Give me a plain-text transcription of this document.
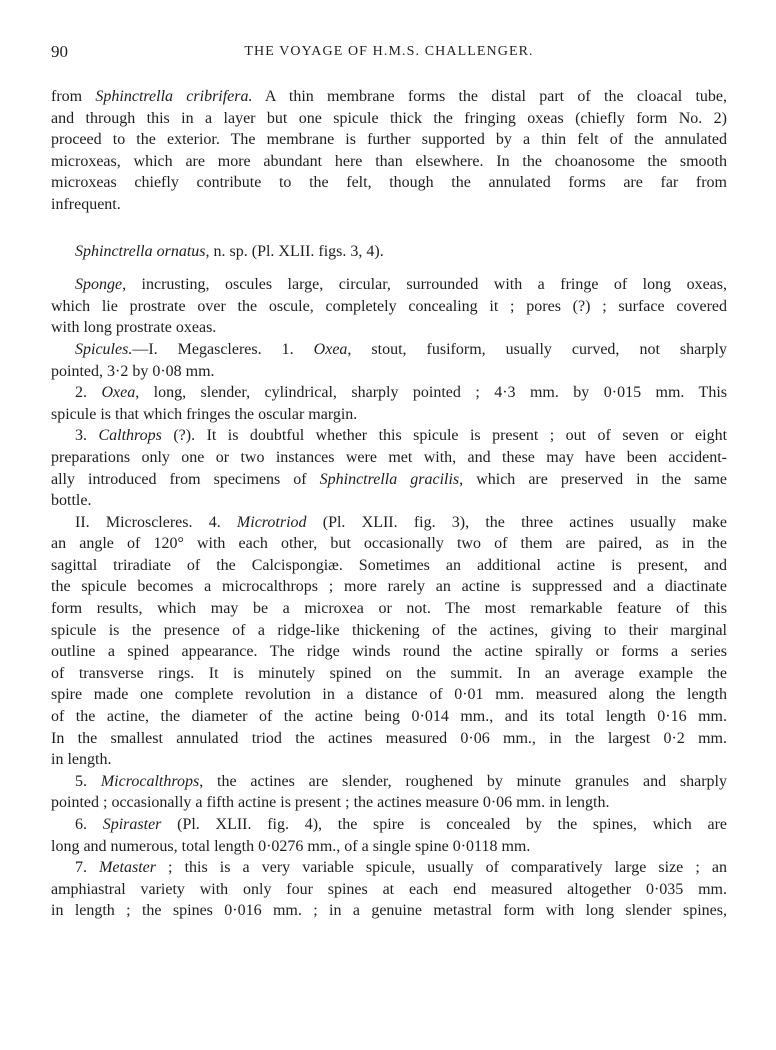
90	THE VOYAGE OF H.M.S. CHALLENGER.
from Sphinctrella cribrifera. A thin membrane forms the distal part of the cloacal tube,
and through this in a layer but one spicule thick the fringing oxeas (chiefly form No. 2)
proceed to the exterior. The membrane is further supported by a thin felt of the annulated
microxeas, which are more abundant here than elsewhere. In the choanosome the smooth
microxeas chiefly contribute to the felt, though the annulated forms are far from
infrequent.
Sphinctrella ornatus, n. sp. (Pl. XLII. figs. 3, 4).
Sponge, incrusting, oscules large, circular, surrounded with a fringe of long oxeas,
which lie prostrate over the oscule, completely concealing it ; pores (?) ; surface covered
with long prostrate oxeas.
Spicules.—I. Megascleres. 1. Oxea, stout, fusiform, usually curved, not sharply
pointed, 3·2 by 0·08 mm.
2. Oxea, long, slender, cylindrical, sharply pointed ; 4·3 mm. by 0·015 mm. This
spicule is that which fringes the oscular margin.
3. Calthrops (?). It is doubtful whether this spicule is present ; out of seven or eight
preparations only one or two instances were met with, and these may have been accident-
ally introduced from specimens of Sphinctrella gracilis, which are preserved in the same
bottle.
II. Microscleres. 4. Microtriod (Pl. XLII. fig. 3), the three actines usually make
an angle of 120° with each other, but occasionally two of them are paired, as in the
sagittal triradiate of the Calcispongiæ. Sometimes an additional actine is present, and
the spicule becomes a microcalthrops ; more rarely an actine is suppressed and a diactinate
form results, which may be a microxea or not. The most remarkable feature of this
spicule is the presence of a ridge-like thickening of the actines, giving to their marginal
outline a spined appearance. The ridge winds round the actine spirally or forms a series
of transverse rings. It is minutely spined on the summit. In an average example the
spire made one complete revolution in a distance of 0·01 mm. measured along the length
of the actine, the diameter of the actine being 0·014 mm., and its total length 0·16 mm.
In the smallest annulated triod the actines measured 0·06 mm., in the largest 0·2 mm.
in length.
5. Microcalthrops, the actines are slender, roughened by minute granules and sharply
pointed ; occasionally a fifth actine is present ; the actines measure 0·06 mm. in length.
6. Spiraster (Pl. XLII. fig. 4), the spire is concealed by the spines, which are
long and numerous, total length 0·0276 mm., of a single spine 0·0118 mm.
7. Metaster ; this is a very variable spicule, usually of comparatively large size ; an
amphiastral variety with only four spines at each end measured altogether 0·035 mm.
in length ; the spines 0·016 mm. ; in a genuine metastral form with long slender spines,
